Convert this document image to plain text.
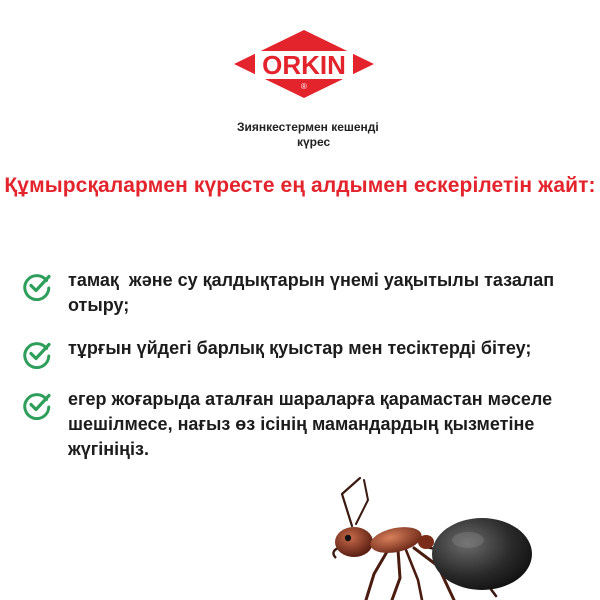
ORKIN
®
Зиянкестермен кешенді
күрес
Құмырсқалармен күресте ең алдымен ескерілетін жайт:
тамақ  және су қалдықтарын үнемі уақытылы тазалап
отыру;
тұрғын үйдегі барлық қуыстар мен тесіктерді бітеу;
егер жоғарыда аталған шараларға қарамастан мәселе
шешілмесе, нағыз өз ісінің мамандардың қызметіне
жүгініңіз.
